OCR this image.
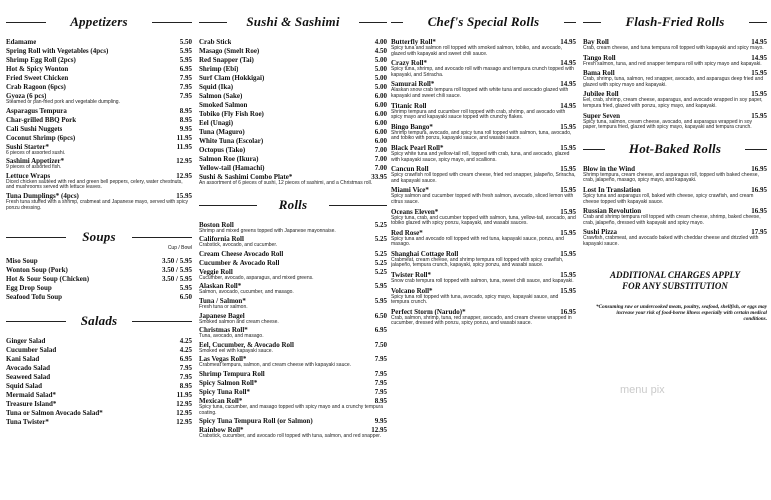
Appetizers
Edamame	5.50
Spring Roll with Vegetables (4pcs)	5.95
Shrimp Egg Roll (2pcs)	5.95
Hot & Spicy Wonton	6.95
Fried Sweet Chicken	7.95
Crab Ragoon (6pcs)	7.95
Gyoza (6 pcs)	7.95
Steamed or pan-fried pork and vegetable dumpling.
Asparagus Tempura	8.95
Char-grilled BBQ Pork	8.95
Cali Sushi Nuggets	9.95
Coconut Shrimp (6pcs)	11.95
Sushi Starter*	11.95
6 pieces of assorted sushi.
Sashimi Appetizer*	12.95
9 pieces of assorted fish.
Lettuce Wraps	12.95
Diced chicken sautéed with red and green bell peppers, celery, water chestnuts, and mushrooms served with lettuce leaves.
Tuna Dumplings* (4pcs)	15.95
Fresh tuna stuffed with a shrimp, crabmeat and Japanese mayo, served with spicy ponzu dressing.
Soups
Cup / Bowl
Miso Soup	3.50 / 5.95
Wonton Soup (Pork)	3.50 / 5.95
Hot & Sour Soup (Chicken)	3.50 / 5.95
Egg Drop Soup	5.95
Seafood Tofu Soup	6.50
Salads
Ginger Salad	4.25
Cucumber Salad	4.25
Kani Salad	6.95
Avocado Salad	7.95
Seaweed Salad	7.95
Squid Salad	8.95
Mermaid Salad*	11.95
Treasure Island*	12.95
Tuna or Salmon Avocado Salad*	12.95
Tuna Twister*	12.95
Sushi & Sashimi
Crab Stick	4.00
Masago (Smelt Roe)	4.50
Red Snapper (Tai)	5.00
Shrimp (Ebi)	5.00
Surf Clam (Hokkigai)	5.00
Squid (Ika)	5.00
Salmon (Sake)	6.00
Smoked Salmon	6.00
Tobiko (Fly Fish Roe)	6.00
Eel (Unagi)	6.00
Tuna (Maguro)	6.00
White Tuna (Escolar)	6.00
Octopus (Tako)	7.00
Salmon Roe (Ikura)	7.00
Yellow-tail (Hamachi)	7.00
Sushi & Sashimi Combo Plate*	33.95
An assortment of 6 pieces of sushi, 12 pieces of sashimi, and a Christmas roll.
Rolls
Boston Roll	5.25
Shrimp and mixed greens topped with Japanese mayonnaise.
California Roll	5.25
Crabstick, avocado, and cucumber.
Cream Cheese Avocado Roll	5.25
Cucumber & Avocado Roll	5.25
Veggie Roll	5.25
Cucumber, avocado, asparagus, and mixed greens.
Alaskan Roll*	5.95
Salmon, avocado, cucumber, and masago.
Tuna / Salmon*	5.95
Fresh tuna or salmon.
Japanese Bagel	6.50
Smoked salmon and cream cheese.
Christmas Roll*	6.95
Tuna, avocado, and masago.
Eel, Cucumber, & Avocado Roll	7.50
Smoked eel with kapayaki sauce.
Las Vegas Roll*	7.95
Crabmeat tempura, salmon, and cream cheese with kapayaki sauce.
Shrimp Tempura Roll	7.95
Spicy Salmon Roll*	7.95
Spicy Tuna Roll*	7.95
Mexican Roll*	8.95
Spicy tuna, cucumber, and masago topped with spicy mayo and a crunchy tempura coating.
Spicy Tuna Tempura Roll (or Salmon)	9.95
Rainbow Roll*	12.95
Crabstick, cucumber, and avocado roll topped with tuna, salmon, and red snapper.
Chef's Special Rolls
Butterfly Roll*	14.95
Spicy tuna and salmon roll topped with smoked salmon, tobiko, and avocado, glazed with kapayaki and sweet chili sauce.
Crazy Roll*	14.95
Spicy tuna, shrimp, and avocado roll with masago and tempura crunch topped with kapayaki, and Sriracha.
Samurai Roll*	14.95
Alaskan snow crab tempura roll topped with white tuna and avocado glazed with kapayaki and sweet chili sauce.
Titanic Roll	14.95
Shrimp tempura and cucumber roll topped with crab, shrimp, and avocado with spicy mayo and kapayaki sauce topped with crunchy flakes.
Bingo Bango*	15.95
Shrimp tempura, avocado, and spicy tuna roll topped with salmon, tuna, avocado, and tobiko with ponzu, kapayaki sauce, and wasabi sauce.
Black Pearl Roll*	15.95
Spicy white tuna and yellow-tail roll, topped with crab, tuna, and avocado, glazed with kapayaki sauce, spicy mayo, and scallions.
Cancun Roll	15.95
Spicy crawfish roll topped with cream cheese, fried red snapper, jalapeño, Sriracha, and kapayaki sauce.
Miami Vice*	15.95
Spicy salmon and cucumber topped with fresh salmon, avocado, sliced lemon with citrus sauce.
Oceans Eleven*	15.95
Spicy tuna, crab, and cucumber topped with salmon, tuna, yellow-tail, avocado, and tobiko glazed with spicy ponzu, kapayaki, and wasabi sauces.
Red Rose*	15.95
Spicy tuna and avocado roll topped with red tuna, kapayaki sauce, ponzu, and masago.
Shanghai Cottage Roll	15.95
Crabmeat, cream cheese, and shrimp tempura roll topped with spicy crawfish, jalapeño, tempura crunch, kapayaki, spicy ponzu, and wasabi sauce.
Twister Roll*	15.95
Snow crab tempura roll topped with salmon, tuna, sweet chili sauce, and kapayaki.
Volcano Roll*	15.95
Spicy tuna roll topped with tuna, avocado, spicy mayo, kapayaki sauce, and tempura crunch.
Perfect Storm (Narudo)*	16.95
Crab, salmon, shrimp, tuna, red snapper, avocado, and cream cheese wrapped in cucumber, dressed with ponzu, spicy ponzu, and wasabi sauce.
Flash-Fried Rolls
Bay Roll	14.95
Crab, cream cheese, and tuna tempura roll topped with kapayaki and spicy mayo.
Tango Roll	14.95
Fresh salmon, tuna, and red snapper tempura roll with spicy mayo and kapayaki.
Bama Roll	15.95
Crab, shrimp, tuna, salmon, red snapper, avocado, and asparagus deep fried and glazed with spicy mayo and kapayaki.
Jubilee Roll	15.95
Eel, crab, shrimp, cream cheese, asparagus, and avocado wrapped in soy paper, tempura fried, glazed with ponzu, spicy mayo, and kapayaki.
Super Seven	15.95
Spicy tuna, salmon, cream cheese, avocado, and asparagus wrapped in soy paper, tempura fried, glazed with spicy mayo, kapayaki and tempura crunch.
Hot-Baked Rolls
Blow in the Wind	16.95
Shrimp tempura, cream cheese, and asparagus roll, topped with baked cheese, crab, jalapeño, masago, spicy mayo, and kapayaki.
Lost In Translation	16.95
Spicy tuna and asparagus roll, baked with cheese, spicy crawfish, and cream cheese topped with kapayaki sauce.
Russian Revolution	16.95
Crab and shrimp tempura roll topped with cream cheese, shrimp, baked cheese, crab, jalapeño, dressed with kapayaki and spicy mayo.
Sushi Pizza	17.95
Crawfish, crabmeat, and avocado baked with cheddar cheese and drizzled with kapayaki sauce.
ADDITIONAL CHARGES APPLY FOR ANY SUBSTITUTION
*Consuming raw or undercooked meats, poultry, seafood, shellfish, or eggs may increase your risk of food-borne illness especially with certain medical conditions.
menu pix
